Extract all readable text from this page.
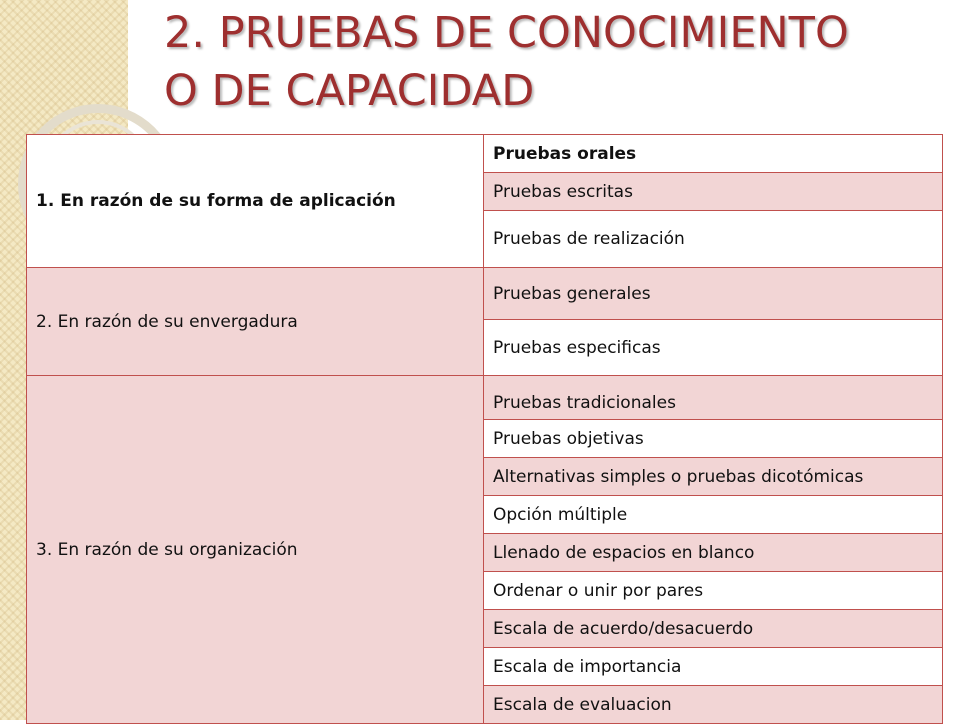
2. PRUEBAS DE CONOCIMIENTO
O DE CAPACIDAD
1. En razón de su forma de aplicación	Pruebas orales
	Pruebas escritas
	Pruebas de realización
2. En razón de su envergadura	Pruebas generales
	Pruebas especificas
3. En razón de su organización	Pruebas tradicionales
	Pruebas objetivas
	Alternativas simples o pruebas dicotómicas
	Opción múltiple
	Llenado de espacios en blanco
	Ordenar o unir por pares
	Escala de acuerdo/desacuerdo
	Escala de importancia
	Escala de evaluacion
